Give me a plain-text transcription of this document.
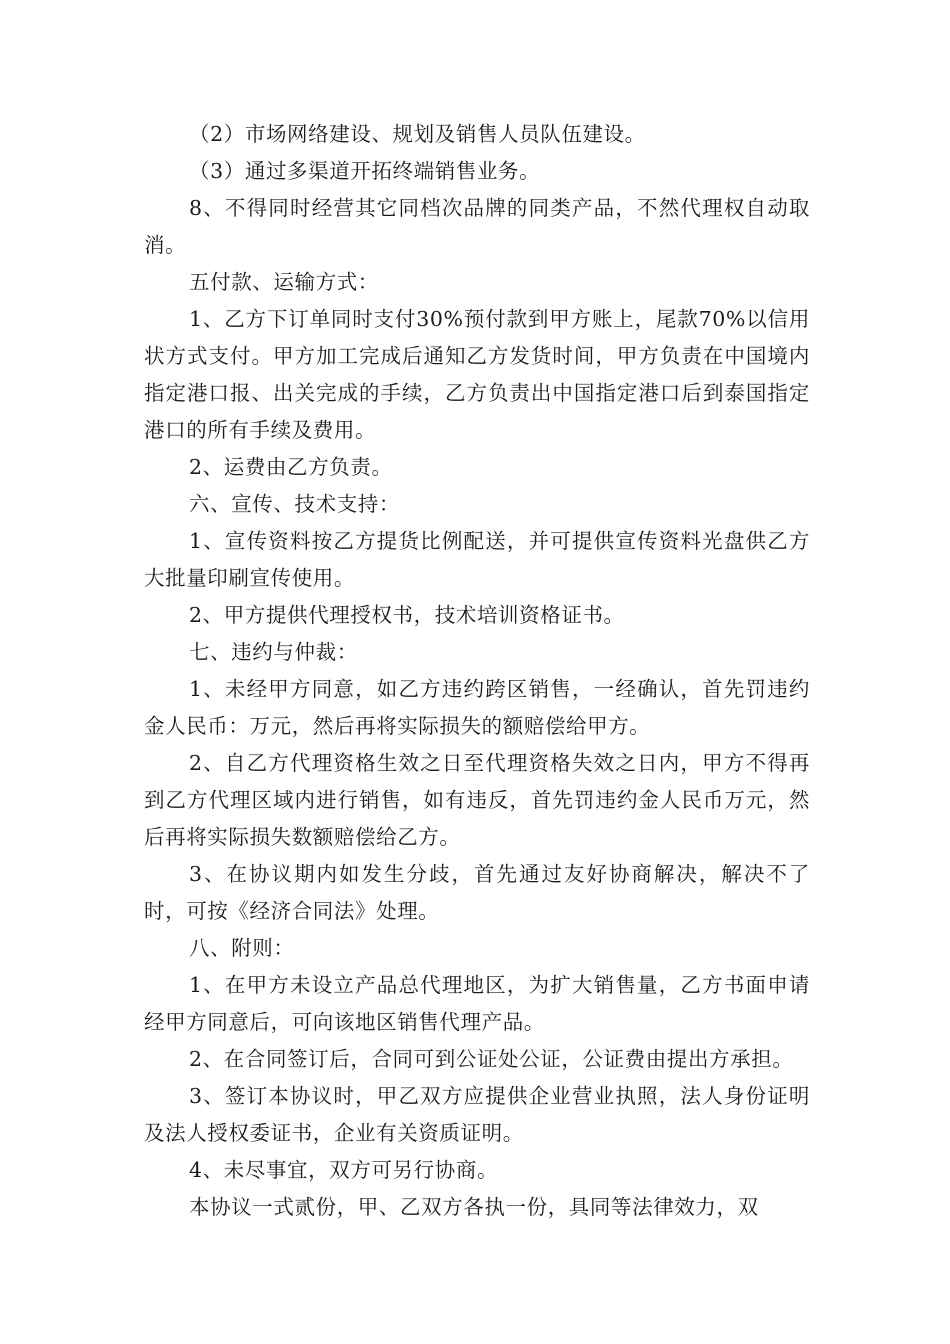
（2）市场网络建设、规划及销售人员队伍建设。

（3）通过多渠道开拓终端销售业务。

8、不得同时经营其它同档次品牌的同类产品，不然代理权自动取消。

五付款、运输方式：

1、乙方下订单同时支付30%预付款到甲方账上，尾款70%以信用状方式支付。甲方加工完成后通知乙方发货时间，甲方负责在中国境内指定港口报、出关完成的手续，乙方负责出中国指定港口后到泰国指定港口的所有手续及费用。

2、运费由乙方负责。

六、宣传、技术支持：

1、宣传资料按乙方提货比例配送，并可提供宣传资料光盘供乙方大批量印刷宣传使用。

2、甲方提供代理授权书，技术培训资格证书。

七、违约与仲裁：

1、未经甲方同意，如乙方违约跨区销售，一经确认，首先罚违约金人民币：万元，然后再将实际损失的额赔偿给甲方。

2、自乙方代理资格生效之日至代理资格失效之日内，甲方不得再到乙方代理区域内进行销售，如有违反，首先罚违约金人民币万元，然后再将实际损失数额赔偿给乙方。

3、在协议期内如发生分歧，首先通过友好协商解决，解决不了时，可按《经济合同法》处理。

八、附则：

1、在甲方未设立产品总代理地区，为扩大销售量，乙方书面申请经甲方同意后，可向该地区销售代理产品。

2、在合同签订后，合同可到公证处公证，公证费由提出方承担。

3、签订本协议时，甲乙双方应提供企业营业执照，法人身份证明及法人授权委证书，企业有关资质证明。

4、未尽事宜，双方可另行协商。

本协议一式贰份，甲、乙双方各执一份，具同等法律效力，双
